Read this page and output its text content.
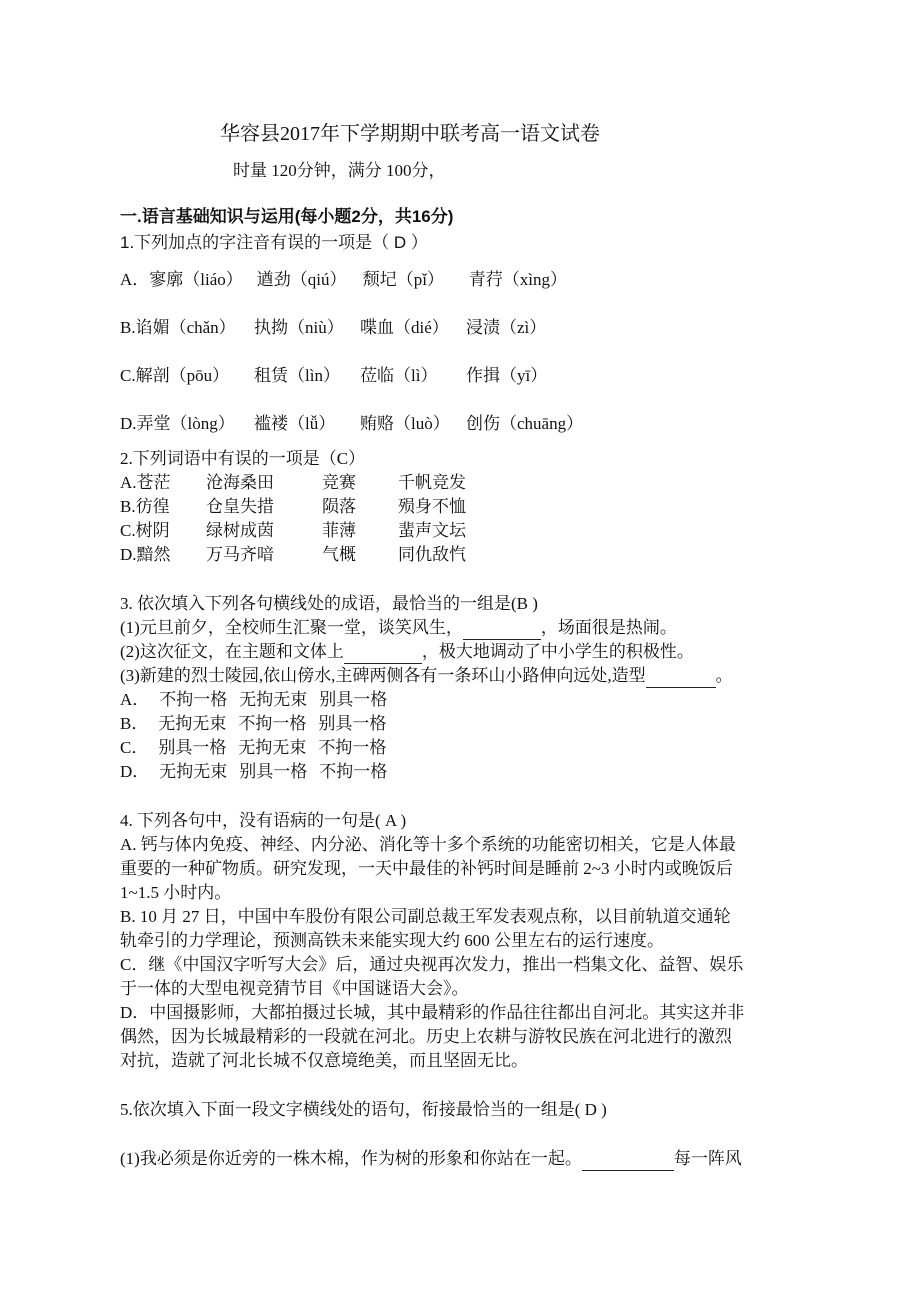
华容县2017年下学期期中联考高一语文试卷
时量 120分钟，满分 100分，
一.语言基础知识与运用(每小题2分，共16分)
1.下列加点的字注音有误的一项是（ D ）
A．寥廓（liáo） 遒劲（qiú） 颓圮（pǐ）	青荇（xìng）
B.谄媚（chǎn） 执拗（niù） 喋血（dié） 浸渍（zì）
C.解剖（pōu）	租赁（lìn）	莅临（lì）	作揖（yī）
D.弄堂（lòng）	褴褛（lǚ）	贿赂（luò） 创伤（chuāng）
2.下列词语中有误的一项是（C）
A.苍茫	沧海桑田	竞赛	千帆竞发
B.彷徨	仓皇失措	陨落	殒身不恤
C.树阴	绿树成茵	菲薄	蜚声文坛
D.黯然	万马齐喑	气概	同仇敌忾
3. 依次填入下列各句横线处的成语，最恰当的一组是(B )
(1)元旦前夕，全校师生汇聚一堂，谈笑风生，	，场面很是热闹。
(2)这次征文，在主题和文体上	，极大地调动了中小学生的积极性。
(3)新建的烈士陵园,依山傍水,主碑两侧各有一条环山小路伸向远处,造型	。
A． 不拘一格 无拘无束 别具一格
B． 无拘无束 不拘一格 别具一格
C． 别具一格 无拘无束 不拘一格
D． 无拘无束 别具一格 不拘一格
4. 下列各句中，没有语病的一句是( A )
A. 钙与体内免疫、神经、内分泌、消化等十多个系统的功能密切相关，它是人体最
重要的一种矿物质。研究发现，一天中最佳的补钙时间是睡前 2~3 小时内或晚饭后
1~1.5 小时内。
B. 10 月 27 日，中国中车股份有限公司副总裁王军发表观点称，以目前轨道交通轮
轨牵引的力学理论，预测高铁未来能实现大约 600 公里左右的运行速度。
C．继《中国汉字听写大会》后，通过央视再次发力，推出一档集文化、益智、娱乐
于一体的大型电视竞猜节目《中国谜语大会》。
D．中国摄影师，大都拍摄过长城，其中最精彩的作品往往都出自河北。其实这并非
偶然，因为长城最精彩的一段就在河北。历史上农耕与游牧民族在河北进行的激烈
对抗，造就了河北长城不仅意境绝美，而且坚固无比。
5.依次填入下面一段文字横线处的语句，衔接最恰当的一组是( D )
(1)我必须是你近旁的一株木棉，作为树的形象和你站在一起。	每一阵风
